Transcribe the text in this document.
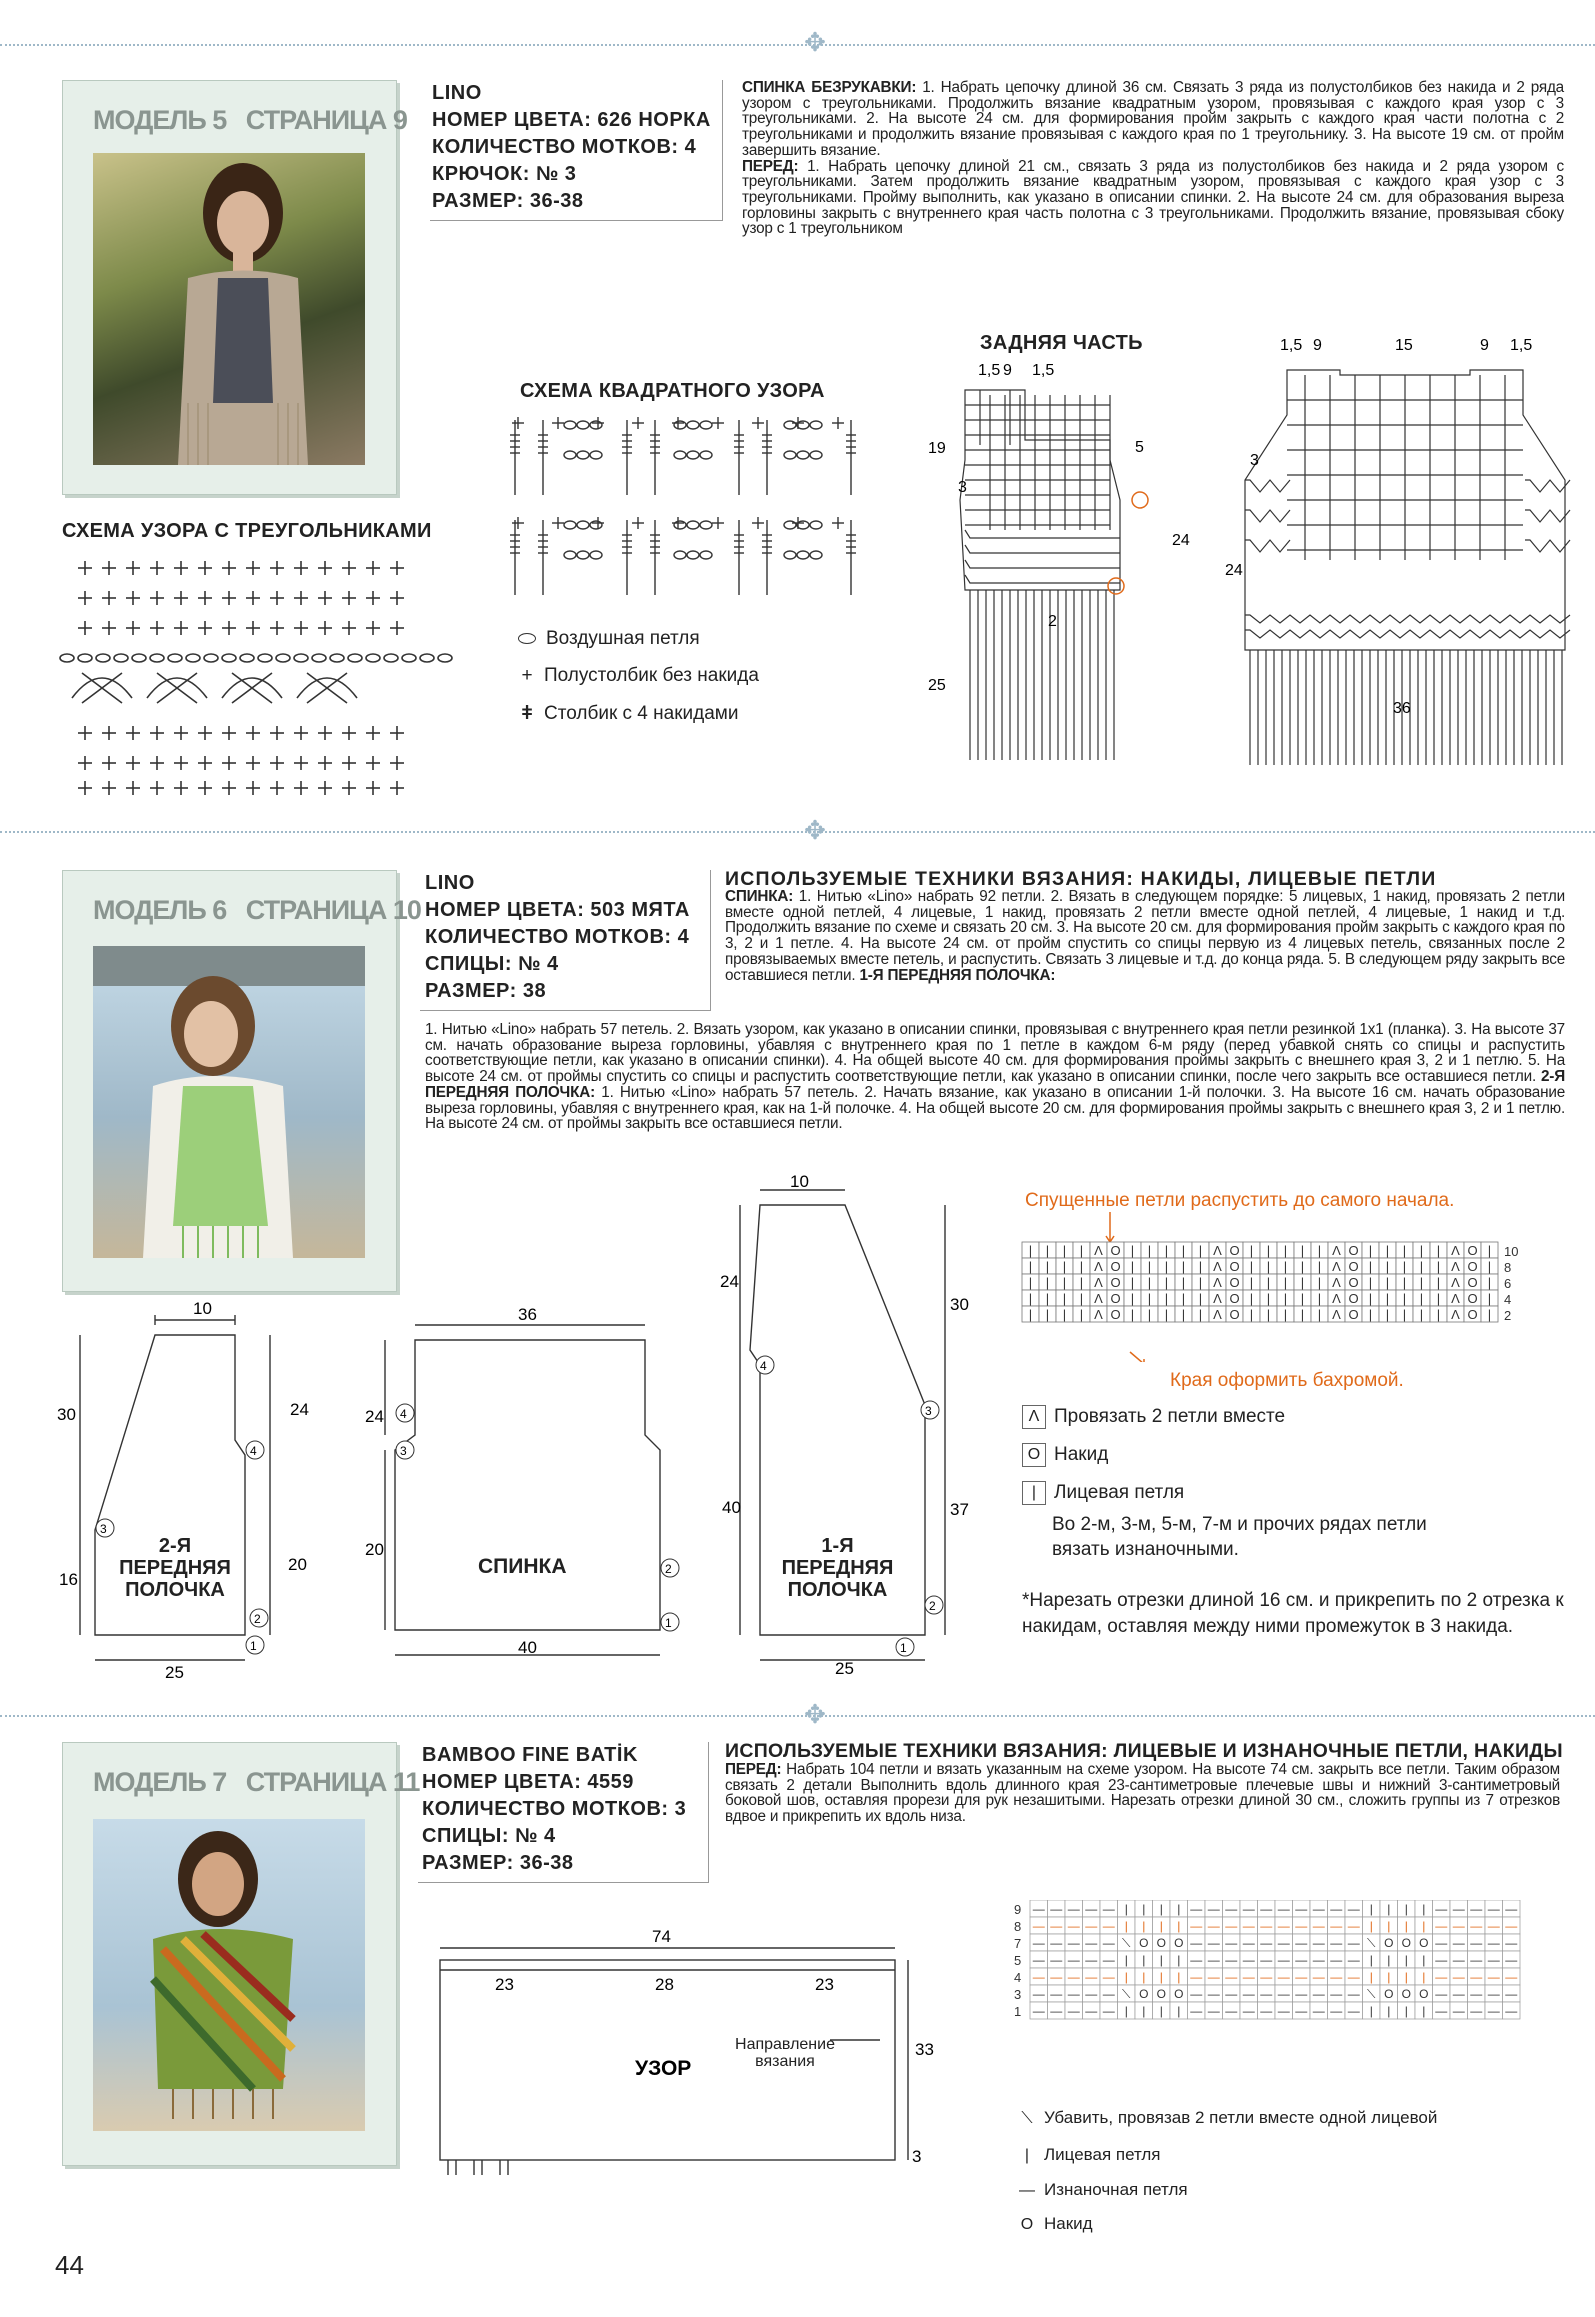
✥
✥
✥
МОДЕЛЬ 5 СТРАНИЦА 9
LINO
НОМЕР ЦВЕТА: 626 НОРКА
КОЛИЧЕСТВО МОТКОВ: 4
КРЮЧОК: № 3
РАЗМЕР: 36-38
СПИНКА БЕЗРУКАВКИ: 1. Набрать цепочку длиной 36 см. Связать 3 ряда из полустолбиков без накида и 2 ряда узором с треугольниками. Продолжить вязание квадратным узором, провязывая с каждого края узор с 3 треугольниками. 2. На высоте 24 см. для формирования пройм закрыть с каждого края части полотна с 2 треугольниками и продолжить вязание провязывая с каждого края по 1 треугольнику. 3. На высоте 19 см. от пройм завершить вязание.
ПЕРЕД: 1. Набрать цепочку длиной 21 см., связать 3 ряда из полустолбиков без накида и 2 ряда узором с треугольниками. Затем продолжить вязание квадратным узором, провязывая с каждого края узор с 3 треугольниками. Пройму выполнить, как указано в описании спинки. 2. На высоте 24 см. для образования выреза горловины закрыть с внутреннего края часть полотна с 3 треугольниками. Продолжить вязание, провязывая сбоку узор с 1 треугольником
СХЕМА КВАДРАТНОГО УЗОРА
ЗАДНЯЯ ЧАСТЬ
СХЕМА УЗОРА С ТРЕУГОЛЬНИКАМИ
Воздушная петля
+ Полустолбик без накида
ǂ Столбик с 4 накидами
1,5 9 1,5
5
19
3
24
25
2
1,5 9	15	9 1,5
3
24
36
МОДЕЛЬ 6 СТРАНИЦА 10
LINO
НОМЕР ЦВЕТА: 503 МЯТА
КОЛИЧЕСТВО МОТКОВ: 4
СПИЦЫ: № 4
РАЗМЕР: 38
ИСПОЛЬЗУЕМЫЕ ТЕХНИКИ ВЯЗАНИЯ: НАКИДЫ, ЛИЦЕВЫЕ ПЕТЛИ
СПИНКА: 1. Нитью «Lino» набрать 92 петли. 2. Вязать в следующем порядке: 5 лицевых, 1 накид, провязать 2 петли вместе одной петлей, 4 лицевые, 1 накид, провязать 2 петли вместе одной петлей, 4 лицевые, 1 накид и т.д. Продолжить вязание по схеме и связать 20 см. 3. На высоте 20 см. для формирования пройм закрыть с каждого края по 3, 2 и 1 петле. 4. На высоте 24 см. от пройм спустить со спицы первую из 4 лицевых петель, связанных после 2 провязываемых вместе петель, и распустить. Связать 3 лицевые и т.д. до конца ряда. 5. В следующем ряду закрыть все оставшиеся петли. 1-Я ПЕРЕДНЯЯ ПОЛОЧКА:
1. Нитью «Lino» набрать 57 петель. 2. Вязать узором, как указано в описании спинки, провязывая с внутреннего края петли резинкой 1х1 (планка). 3. На высоте 37 см. начать образование выреза горловины, убавляя с внутреннего края по 1 петле в каждом 6-м ряду (перед убавкой снять со спицы и распустить соответствующие петли, как указано в описании спинки). 4. На общей высоте 40 см. для формирования проймы закрыть с внешнего края 3, 2 и 1 петлю. 5. На высоте 24 см. от проймы спустить со спицы и распустить соответствующие петли, как указано в описании спинки, после чего закрыть все оставшиеся петли. 2-Я ПЕРЕДНЯЯ ПОЛОЧКА: 1. Нитью «Lino» набрать 57 петель. 2. Начать вязание, как указано в описании 1-й полочки. 3. На высоте 16 см. начать образование выреза горловины, убавляя с внутреннего края, как на 1-й полочке. 4. На общей высоте 20 см. для формирования проймы закрыть с внешнего края 3, 2 и 1 петлю. На высоте 24 см. от проймы закрыть все оставшиеся петли.
10
30	24
16
20
25
3
4
2
1
2-Я ПЕРЕДНЯЯ ПОЛОЧКА
36
24
20
40
4
3
2
1
СПИНКА
10
24
30
40	37
25
4
3
2
1
1-Я ПЕРЕДНЯЯ ПОЛОЧКА
Спущенные петли распустить до самого начала.
| | | | Λ O | | | | | Λ O | | | | | Λ O | | | | | Λ O | 10
| | | | Λ O | | | | | Λ O | | | | | Λ O | | | | | Λ O | 8
| | | | Λ O | | | | | Λ O | | | | | Λ O | | | | | Λ O | 6
| | | | Λ O | | | | | Λ O | | | | | Λ O | | | | | Λ O | 4
| | | | Λ O | | | | | Λ O | | | | | Λ O | | | | | Λ O | 2
Края оформить бахромой.
Λ Провязать 2 петли вместе
O Накид
| Лицевая петля
Во 2-м, 3-м, 5-м, 7-м и прочих рядах петли вязать изнаночными.
*Нарезать отрезки длиной 16 см. и прикрепить по 2 отрезка к накидам, оставляя между ними промежуток в 3 накида.
МОДЕЛЬ 7 СТРАНИЦА 11
BAMBOO FINE BATİK
НОМЕР ЦВЕТА: 4559
КОЛИЧЕСТВО МОТКОВ: 3
СПИЦЫ: № 4
РАЗМЕР: 36-38
ИСПОЛЬЗУЕМЫЕ ТЕХНИКИ ВЯЗАНИЯ: ЛИЦЕВЫЕ И ИЗНАНОЧНЫЕ ПЕТЛИ, НАКИДЫ
ПЕРЕД: Набрать 104 петли и вязать указанным на схеме узором. На высоте 74 см. закрыть все петли. Таким образом связать 2 детали Выполнить вдоль длинного края 23-сантиметровые плечевые швы и нижний 3-сантиметровый боковой шов, оставляя прорези для рук незашитыми. Нарезать отрезки длиной 30 см., сложить группы из 7 отрезков вдвое и прикрепить их вдоль низа.
74
23	28	23
33
3
УЗОР
Направление вязания
9 — — — — — | | | | — — — — — — — — — — | | | | — — — — —
8 — — — — — | | | | — — — — — — — — — — | | | | — — — — —
7 — — — — — ⟍ O O O — — — — — — — — — — ⟍ O O O — — — — —
5 — — — — — | | | | — — — — — — — — — — | | | | — — — — —
4 — — — — — | | | | — — — — — — — — — — | | | | — — — — —
3 — — — — — ⟍ O O O — — — — — — — — — — ⟍ O O O — — — — —
1 — — — — — | | | | — — — — — — — — — — | | | | — — — — —
⟍ Убавить, провязав 2 петли вместе одной лицевой
| Лицевая петля
— Изнаночная петля
O Накид
44
